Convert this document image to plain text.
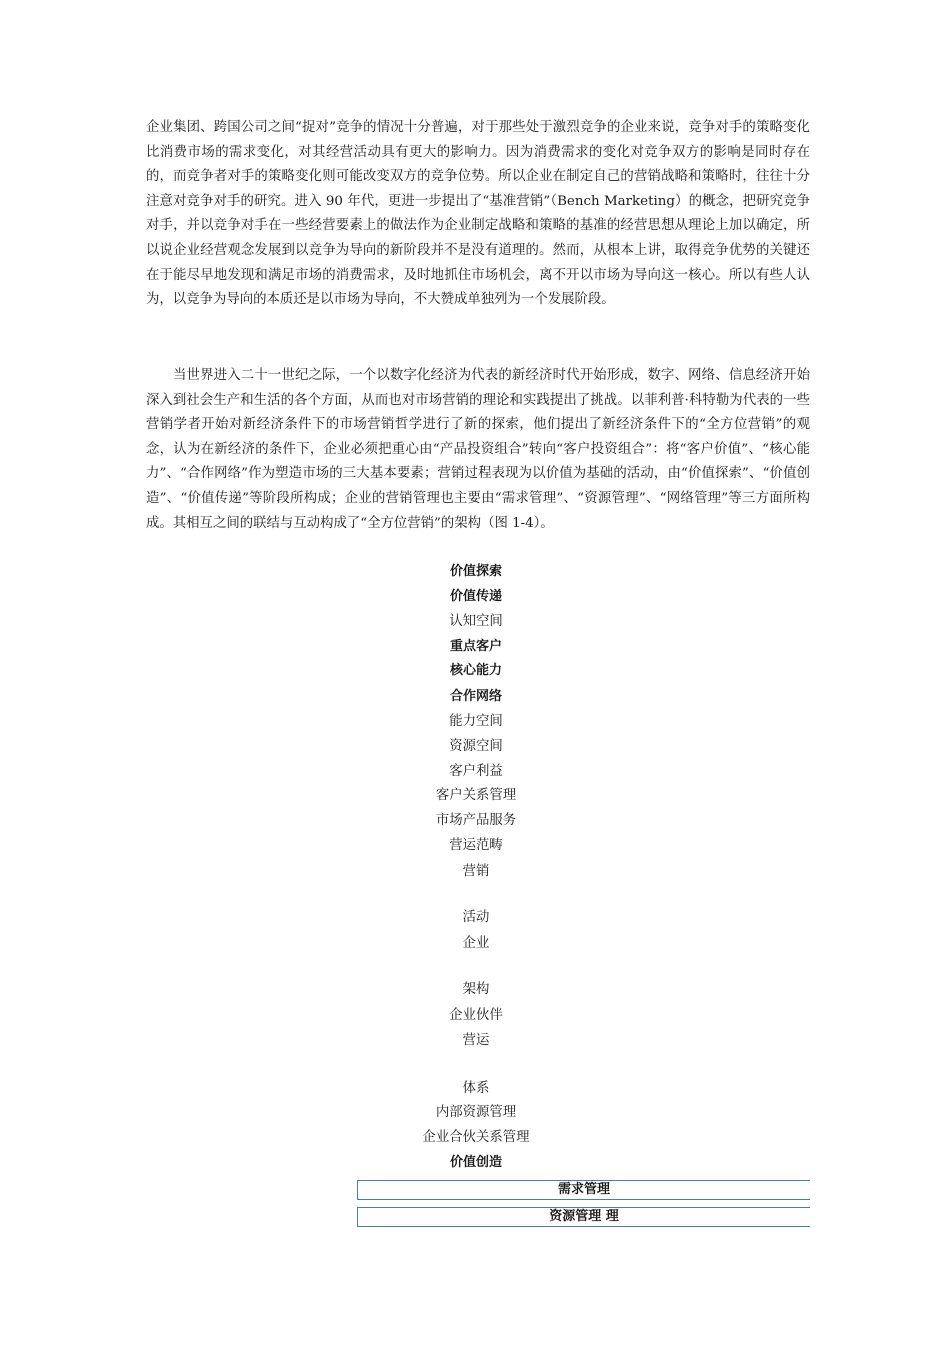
企业集团、跨国公司之间“捉对”竞争的情况十分普遍，对于那些处于激烈竞争的企业来说，竞争对手的策略变化比消费市场的需求变化，对其经营活动具有更大的影响力。因为消费需求的变化对竞争双方的影响是同时存在的，而竞争者对手的策略变化则可能改变双方的竞争位势。所以企业在制定自己的营销战略和策略时，往往十分注意对竞争对手的研究。进入 90 年代，更进一步提出了“基准营销”（Bench Marketing）的概念，把研究竞争对手，并以竞争对手在一些经营要素上的做法作为企业制定战略和策略的基准的经营思想从理论上加以确定，所以说企业经营观念发展到以竞争为导向的新阶段并不是没有道理的。然而，从根本上讲，取得竞争优势的关键还在于能尽早地发现和满足市场的消费需求，及时地抓住市场机会，离不开以市场为导向这一核心。所以有些人认为，以竞争为导向的本质还是以市场为导向，不大赞成单独列为一个发展阶段。

当世界进入二十一世纪之际，一个以数字化经济为代表的新经济时代开始形成，数字、网络、信息经济开始深入到社会生产和生活的各个方面，从而也对市场营销的理论和实践提出了挑战。以菲利普·科特勒为代表的一些营销学者开始对新经济条件下的市场营销哲学进行了新的探索，他们提出了新经济条件下的“全方位营销”的观念，认为在新经济的条件下，企业必须把重心由“产品投资组合”转向“客户投资组合”：将“客户价值”、“核心能力”、“合作网络”作为塑造市场的三大基本要素；营销过程表现为以价值为基础的活动，由“价值探索”、“价值创造”、“价值传递”等阶段所构成；企业的营销管理也主要由“需求管理”、“资源管理”、“网络管理”等三方面所构成。其相互之间的联结与互动构成了“全方位营销”的架构（图 1-4）。

价值探索
价值传递
认知空间
重点客户
核心能力
合作网络
能力空间
资源空间
客户利益
客户关系管理
市场产品服务
营运范畴
营销
活动
企业
架构
企业伙伴
营运
体系
内部资源管理
企业合伙关系管理
价值创造
需求管理
资源管理 理
